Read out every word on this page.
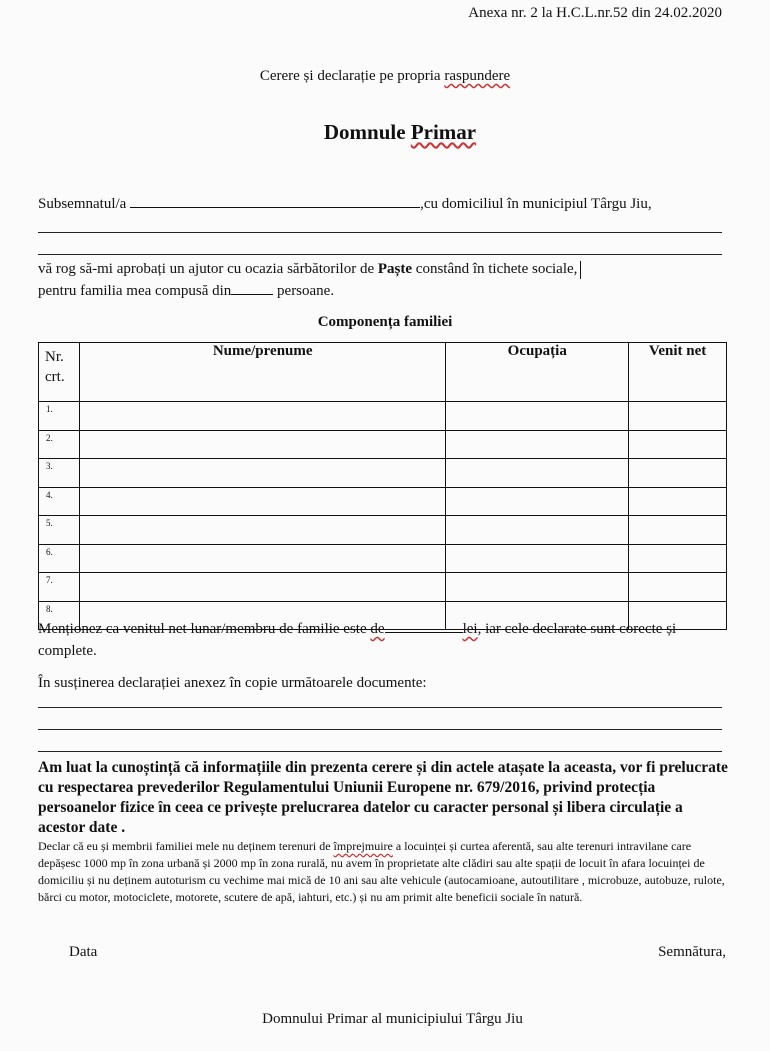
Anexa nr. 2 la H.C.L.nr.52 din 24.02.2020
Cerere și declarație pe propria raspundere
Domnule Primar
Subsemnatul/a	,cu domiciliul în municipiul Târgu Jiu,
vă rog să-mi aprobați un ajutor cu ocazia sărbătorilor de Paște constând în tichete sociale,
pentru familia mea compusă din	persoane.
Componența familiei
Nr.
crt.	Nume/prenume	Ocupația	Venit net
1.			
2.			
3.			
4.			
5.			
6.			
7.			
8.			
Menționez ca venitul net lunar/membru de familie este de	lei, iar cele declarate sunt corecte și complete.
În susținerea declarației anexez în copie următoarele documente:
Am luat la cunoștință că informațiile din prezenta cerere și din actele atașate la aceasta, vor fi prelucrate cu respectarea prevederilor Regulamentului Uniunii Europene nr. 679/2016, privind protecția persoanelor fizice în ceea ce privește prelucrarea datelor cu caracter personal și libera circulație a acestor date .
Declar că eu și membrii familiei mele nu deținem terenuri de împrejmuire a locuinței și curtea aferentă, sau alte terenuri intravilane care depășesc 1000 mp în zona urbană și 2000 mp în zona rurală, nu avem în proprietate alte clădiri sau alte spații de locuit în afara locuinței de domiciliu și nu deținem autoturism cu vechime mai mică de 10 ani sau alte vehicule (autocamioane, autoutilitare , microbuze, autobuze, rulote, bărci cu motor, motociclete, motorete, scutere de apă, iahturi, etc.) și nu am primit alte beneficii sociale în natură.
Data	Semnătura,
Domnului Primar al municipiului Târgu Jiu
